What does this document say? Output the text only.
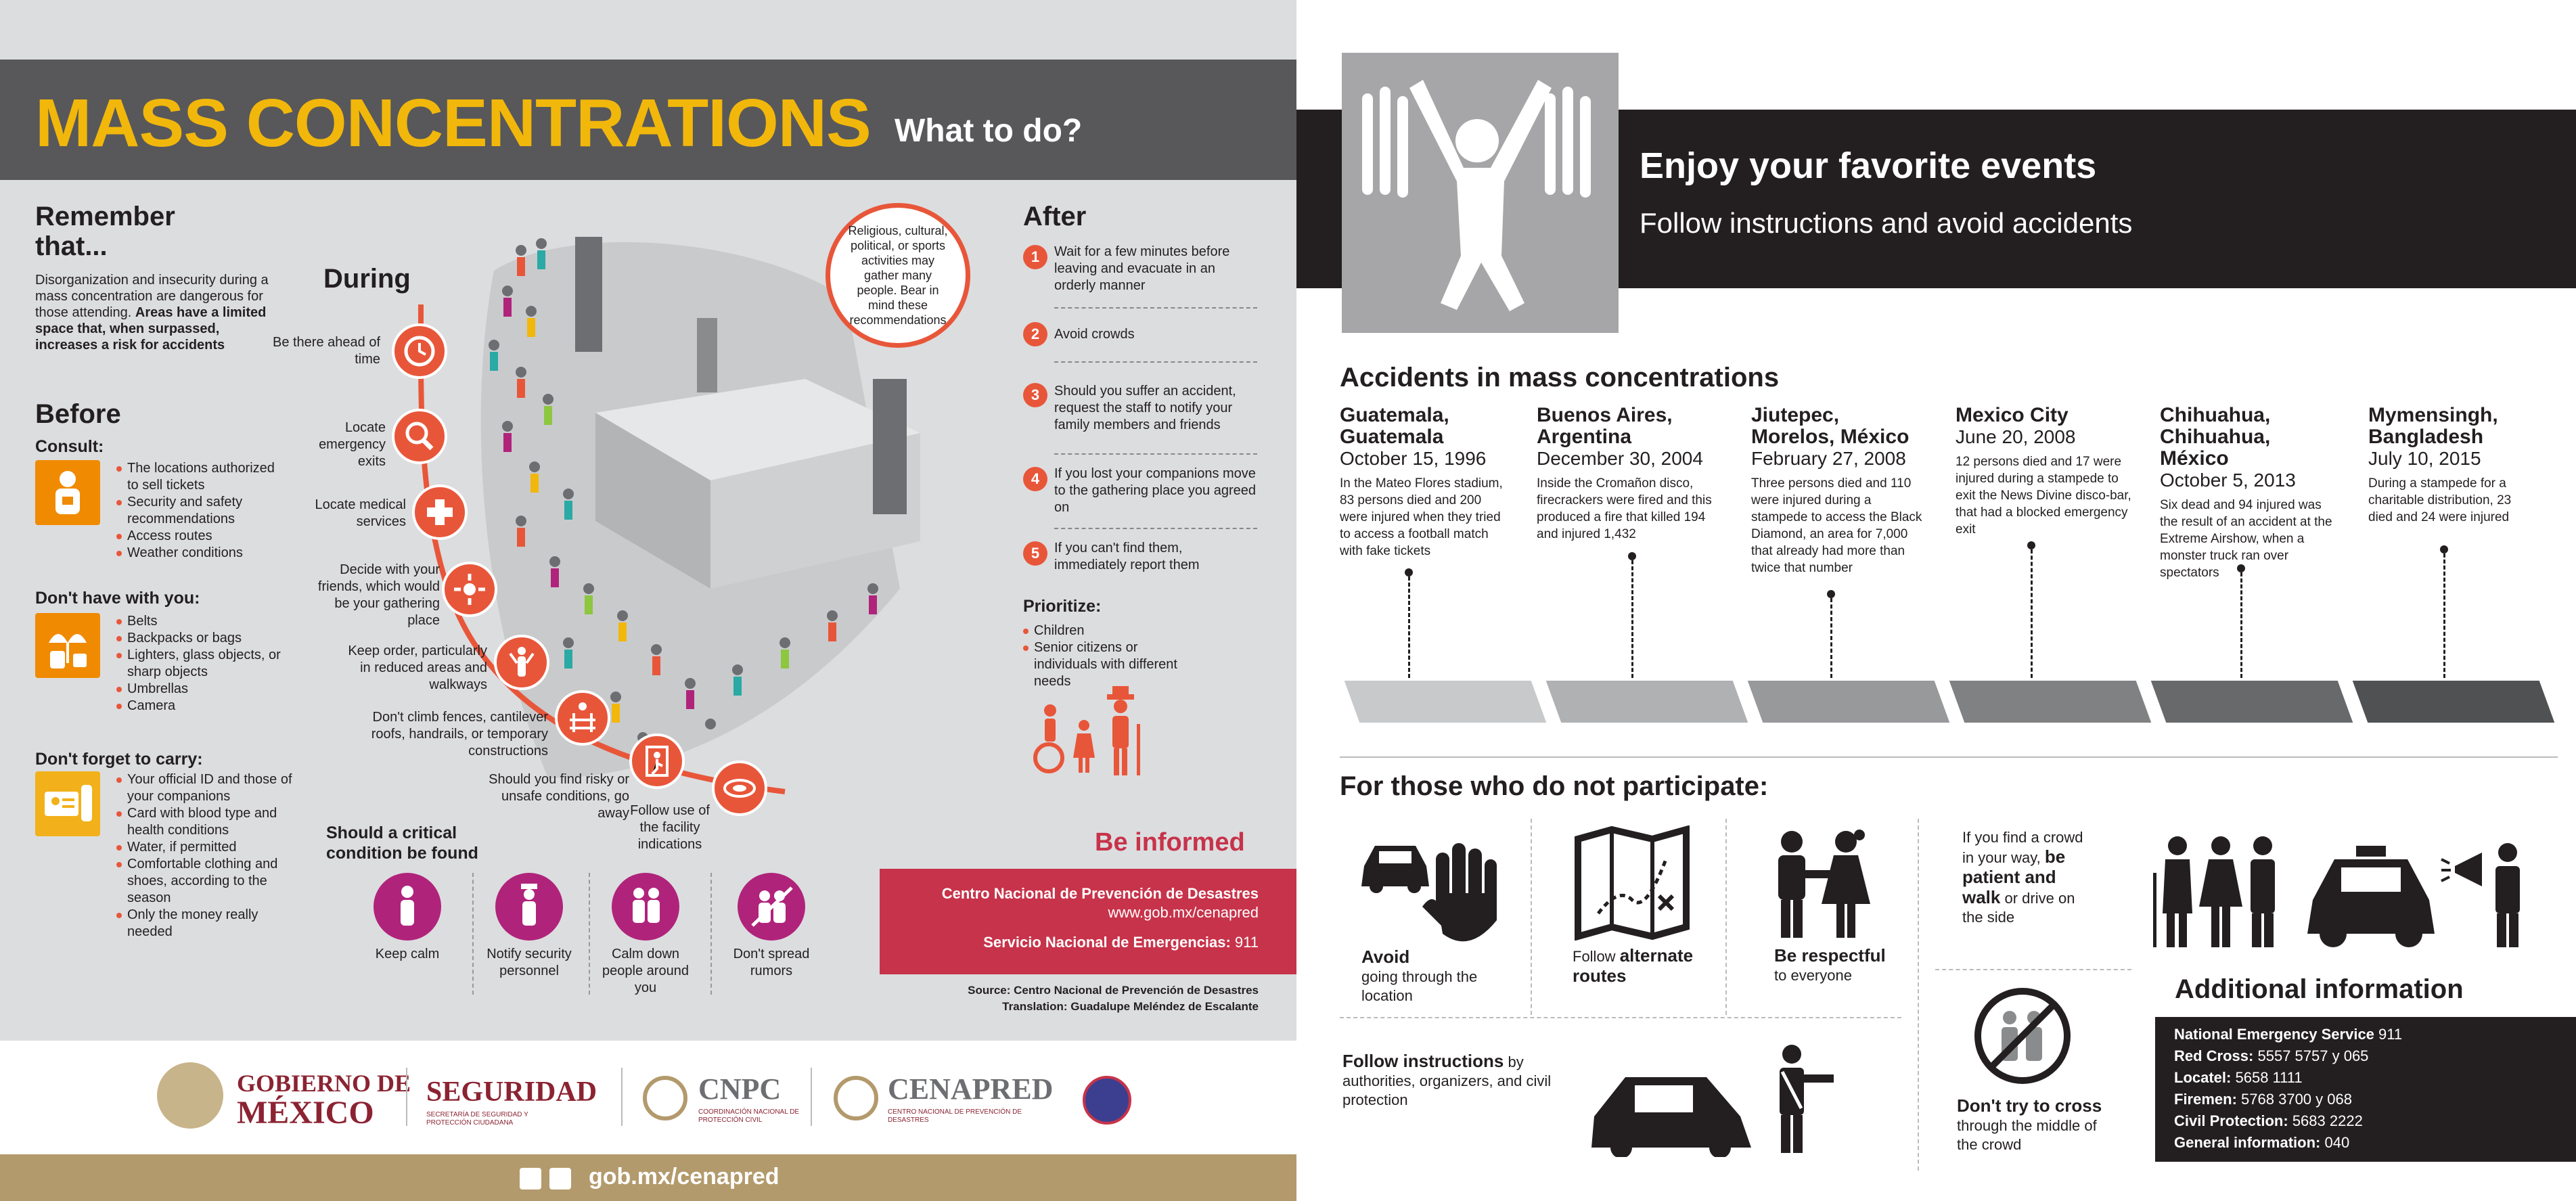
MASS CONCENTRATIONS What to do?
Remember that...
Disorganization and insecurity during a mass concentration are dangerous for those attending. Areas have a limited space that, when surpassed, increases a risk for accidents
Before
Consult:
The locations authorized to sell tickets
Security and safety recommendations
Access routes
Weather conditions
Don't have with you:
Belts
Backpacks or bags
Lighters, glass objects, or sharp objects
Umbrellas
Camera
Don't forget to carry:
Your official ID and those of your companions
Card with blood type and health conditions
Water, if permitted
Comfortable clothing and shoes, according to the season
Only the money really needed
During
Religious, cultural, political, or sports activities may gather many people. Bear in mind these recommendations
Be there ahead of time
Locate emergency exits
Locate medical services
Decide with your friends, which would be your gathering place
Keep order, particularly in reduced areas and walkways
Don't climb fences, cantilever roofs, handrails, or temporary constructions
Should you find risky or unsafe conditions, go away Follow use of the facility indications
Should a critical condition be found
Keep calm	Notify security personnel
Calm down people around you
Don't spread rumors
After
1	Wait for a few minutes before leaving and evacuate in an orderly manner
2	Avoid crowds
3	Should you suffer an accident, request the staff to notify your family members and friends
4	If you lost your companions move to the gathering place you agreed on
5	If you can't find them, immediately report them
Prioritize:
Children
Senior citizens or individuals with different needs
Be informed
Centro Nacional de Prevención de Desastres
www.gob.mx/cenapred
Servicio Nacional de Emergencias: 911
Source: Centro Nacional de Prevención de Desastres
Translation: Guadalupe Meléndez de Escalante
GOBIERNO DE
MÉXICO
SEGURIDAD
SECRETARÍA DE SEGURIDAD Y PROTECCIÓN CIUDADANA
CNPC
COORDINACIÓN NACIONAL DE PROTECCIÓN CIVIL
CENAPRED
CENTRO NACIONAL DE PREVENCIÓN DE DESASTRES
gob.mx/cenapred
Enjoy your favorite events
Follow instructions and avoid accidents
Accidents in mass concentrations
Guatemala, Guatemala
October 15, 1996
In the Mateo Flores stadium, 83 persons died and 200 were injured when they tried to access a football match with fake tickets
Buenos Aires, Argentina
December 30, 2004
Inside the Cromañon disco, firecrackers were fired and this produced a fire that killed 194 and injured 1,432
Jiutepec, Morelos, México
February 27, 2008
Three persons died and 110 were injured during a stampede to access the Black Diamond, an area for 7,000 that already had more than twice that number
Mexico City
June 20, 2008
12 persons died and 17 were injured during a stampede to exit the News Divine disco-bar, that had a blocked emergency exit
Chihuahua, Chihuahua, México
October 5, 2013
Six dead and 94 injured was the result of an accident at the Extreme Airshow, when a monster truck ran over spectators
Mymensingh, Bangladesh
July 10, 2015
During a stampede for a charitable distribution, 23 died and 24 were injured
For those who do not participate:
Avoid
going through the location
Follow alternate routes
Be respectful
to everyone
If you find a crowd in your way, be patient and walk or drive on the side
Follow instructions by authorities, organizers, and civil protection	Don't try to cross through the middle of the crowd
Additional information
National Emergency Service 911
Red Cross: 5557 5757 y 065
Locatel: 5658 1111
Firemen: 5768 3700 y 068
Civil Protection: 5683 2222
General information: 040
